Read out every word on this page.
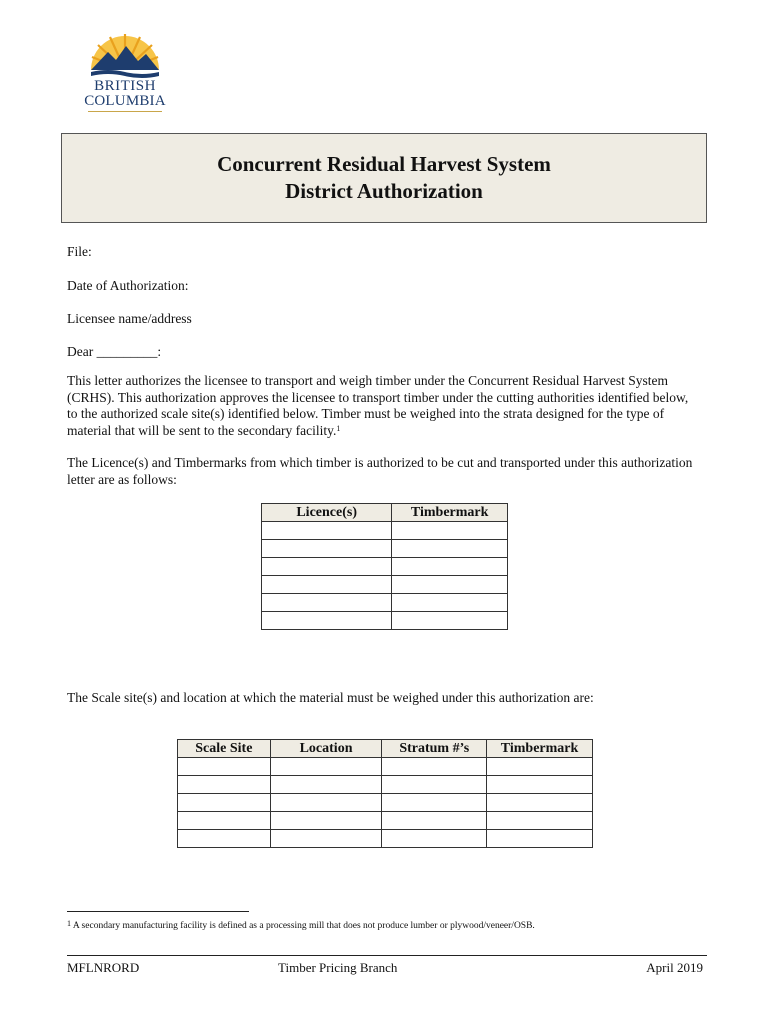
BRITISH
COLUMBIA
Concurrent Residual Harvest System
District Authorization
File:
Date of Authorization:
Licensee name/address
Dear _________:
This letter authorizes the licensee to transport and weigh timber under the Concurrent Residual Harvest System (CRHS). This authorization approves the licensee to transport timber under the cutting authorities identified below, to the authorized scale site(s) identified below. Timber must be weighed into the strata designed for the type of material that will be sent to the secondary facility.$^1$
The Licence(s) and Timbermarks from which timber is authorized to be cut and transported under this authorization letter are as follows:
Licence(s)	Timbermark

The Scale site(s) and location at which the material must be weighed under this authorization are:
Scale Site	Location	Stratum #’s	Timbermark

$^1$ A secondary manufacturing facility is defined as a processing mill that does not produce lumber or plywood/veneer/OSB.
MFLNRORD	Timber Pricing Branch	April 2019
